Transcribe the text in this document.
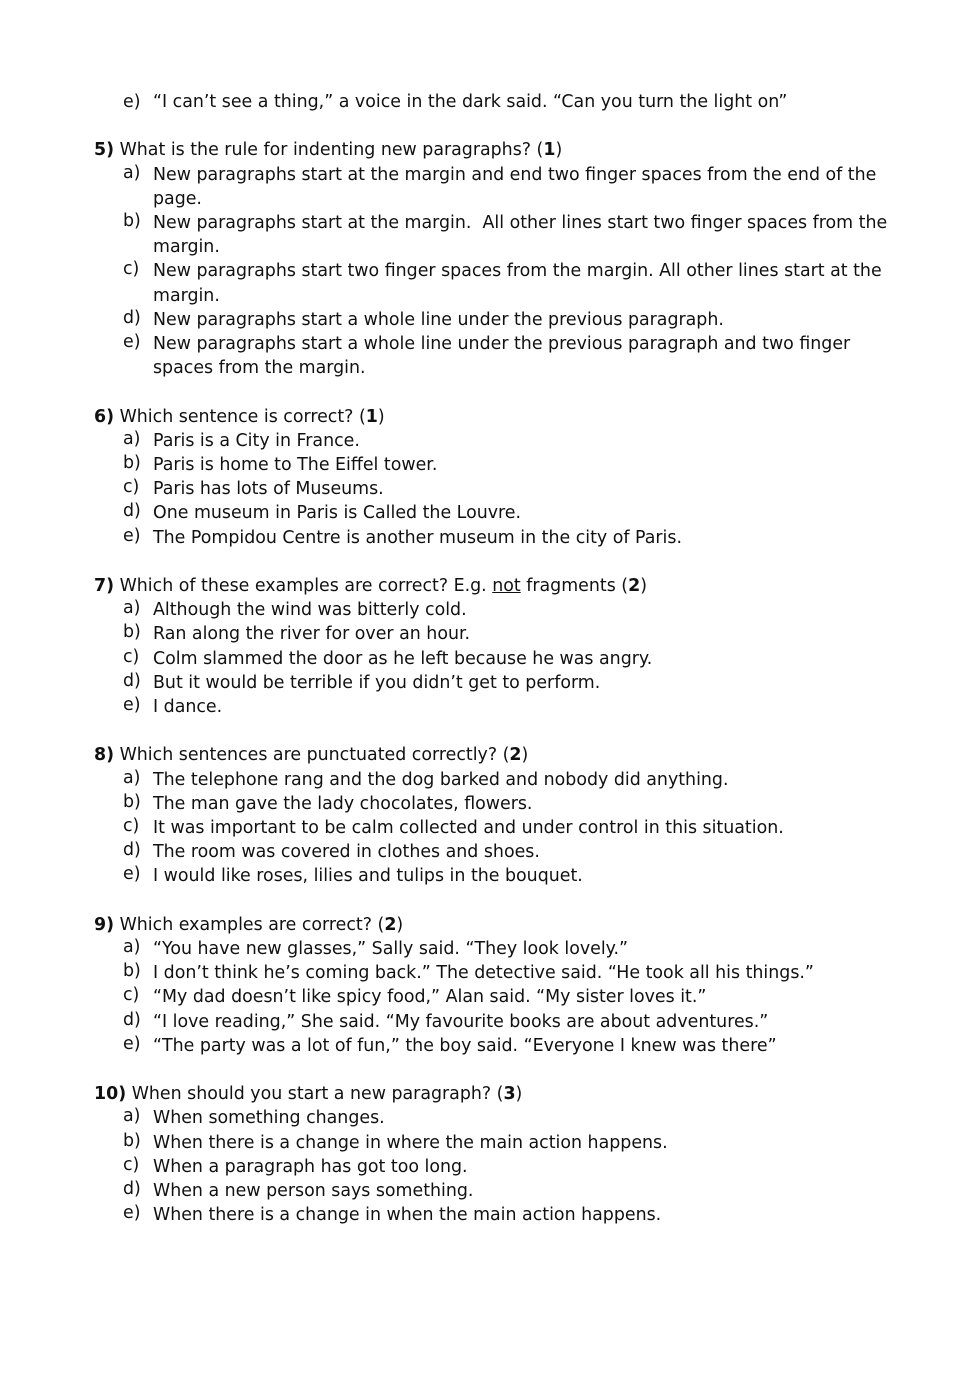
e) “I can’t see a thing,” a voice in the dark said. “Can you turn the light on”
5) What is the rule for indenting new paragraphs? (1)
a) New paragraphs start at the margin and end two finger spaces from the end of the page.
b) New paragraphs start at the margin.  All other lines start two finger spaces from the margin.
c) New paragraphs start two finger spaces from the margin. All other lines start at the margin.
d) New paragraphs start a whole line under the previous paragraph.
e) New paragraphs start a whole line under the previous paragraph and two finger spaces from the margin.
6) Which sentence is correct? (1)
a) Paris is a City in France.
b) Paris is home to The Eiffel tower.
c) Paris has lots of Museums.
d) One museum in Paris is Called the Louvre.
e) The Pompidou Centre is another museum in the city of Paris.
7) Which of these examples are correct? E.g. not fragments (2)
a) Although the wind was bitterly cold.
b) Ran along the river for over an hour.
c) Colm slammed the door as he left because he was angry.
d) But it would be terrible if you didn’t get to perform.
e) I dance.
8) Which sentences are punctuated correctly? (2)
a) The telephone rang and the dog barked and nobody did anything.
b) The man gave the lady chocolates, flowers.
c) It was important to be calm collected and under control in this situation.
d) The room was covered in clothes and shoes.
e) I would like roses, lilies and tulips in the bouquet.
9) Which examples are correct? (2)
a) “You have new glasses,” Sally said. “They look lovely.”
b) I don’t think he’s coming back.” The detective said. “He took all his things.”
c) “My dad doesn’t like spicy food,” Alan said. “My sister loves it.”
d) “I love reading,” She said. “My favourite books are about adventures.”
e) “The party was a lot of fun,” the boy said. “Everyone I knew was there”
10) When should you start a new paragraph? (3)
a) When something changes.
b) When there is a change in where the main action happens.
c) When a paragraph has got too long.
d) When a new person says something.
e) When there is a change in when the main action happens.
